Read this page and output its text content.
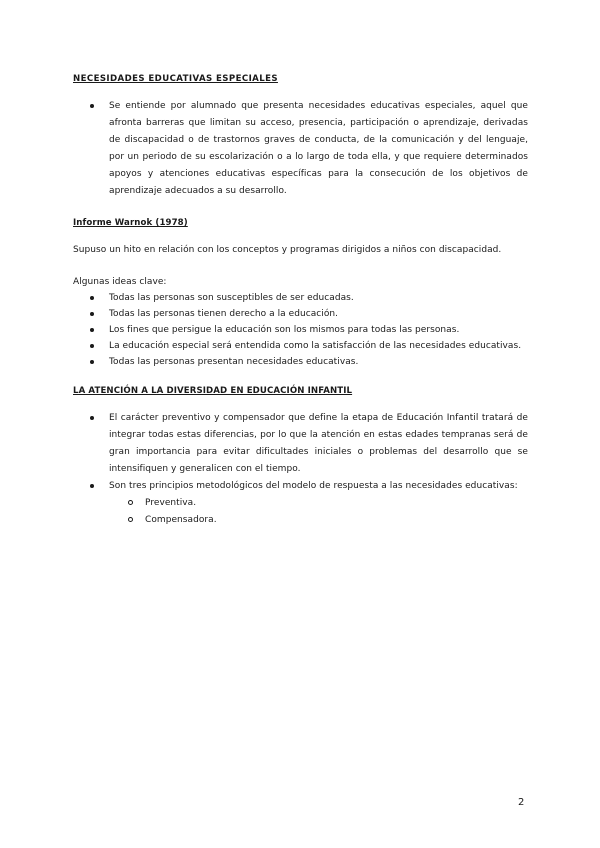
NECESIDADES EDUCATIVAS ESPECIALES
Se entiende por alumnado que presenta necesidades educativas especiales, aquel que afronta barreras que limitan su acceso, presencia, participación o aprendizaje, derivadas de discapacidad o de trastornos graves de conducta, de la comunicación y del lenguaje, por un periodo de su escolarización o a lo largo de toda ella, y que requiere determinados apoyos y atenciones educativas específicas para la consecución de los objetivos de aprendizaje adecuados a su desarrollo.
Informe Warnok (1978)

Supuso un hito en relación con los conceptos y programas dirigidos a niños con discapacidad.

Algunas ideas clave:

Todas las personas son susceptibles de ser educadas.
Todas las personas tienen derecho a la educación.
Los fines que persigue la educación son los mismos para todas las personas.
La educación especial será entendida como la satisfacción de las necesidades educativas.
Todas las personas presentan necesidades educativas.
LA ATENCIÓN A LA DIVERSIDAD EN EDUCACIÓN INFANTIL
El carácter preventivo y compensador que define la etapa de Educación Infantil tratará de integrar todas estas diferencias, por lo que la atención en estas edades tempranas será de gran importancia para evitar dificultades iniciales o problemas del desarrollo que se intensifiquen y generalicen con el tiempo.
Son tres principios metodológicos del modelo de respuesta a las necesidades educativas:
Preventiva.
Compensadora.
2
